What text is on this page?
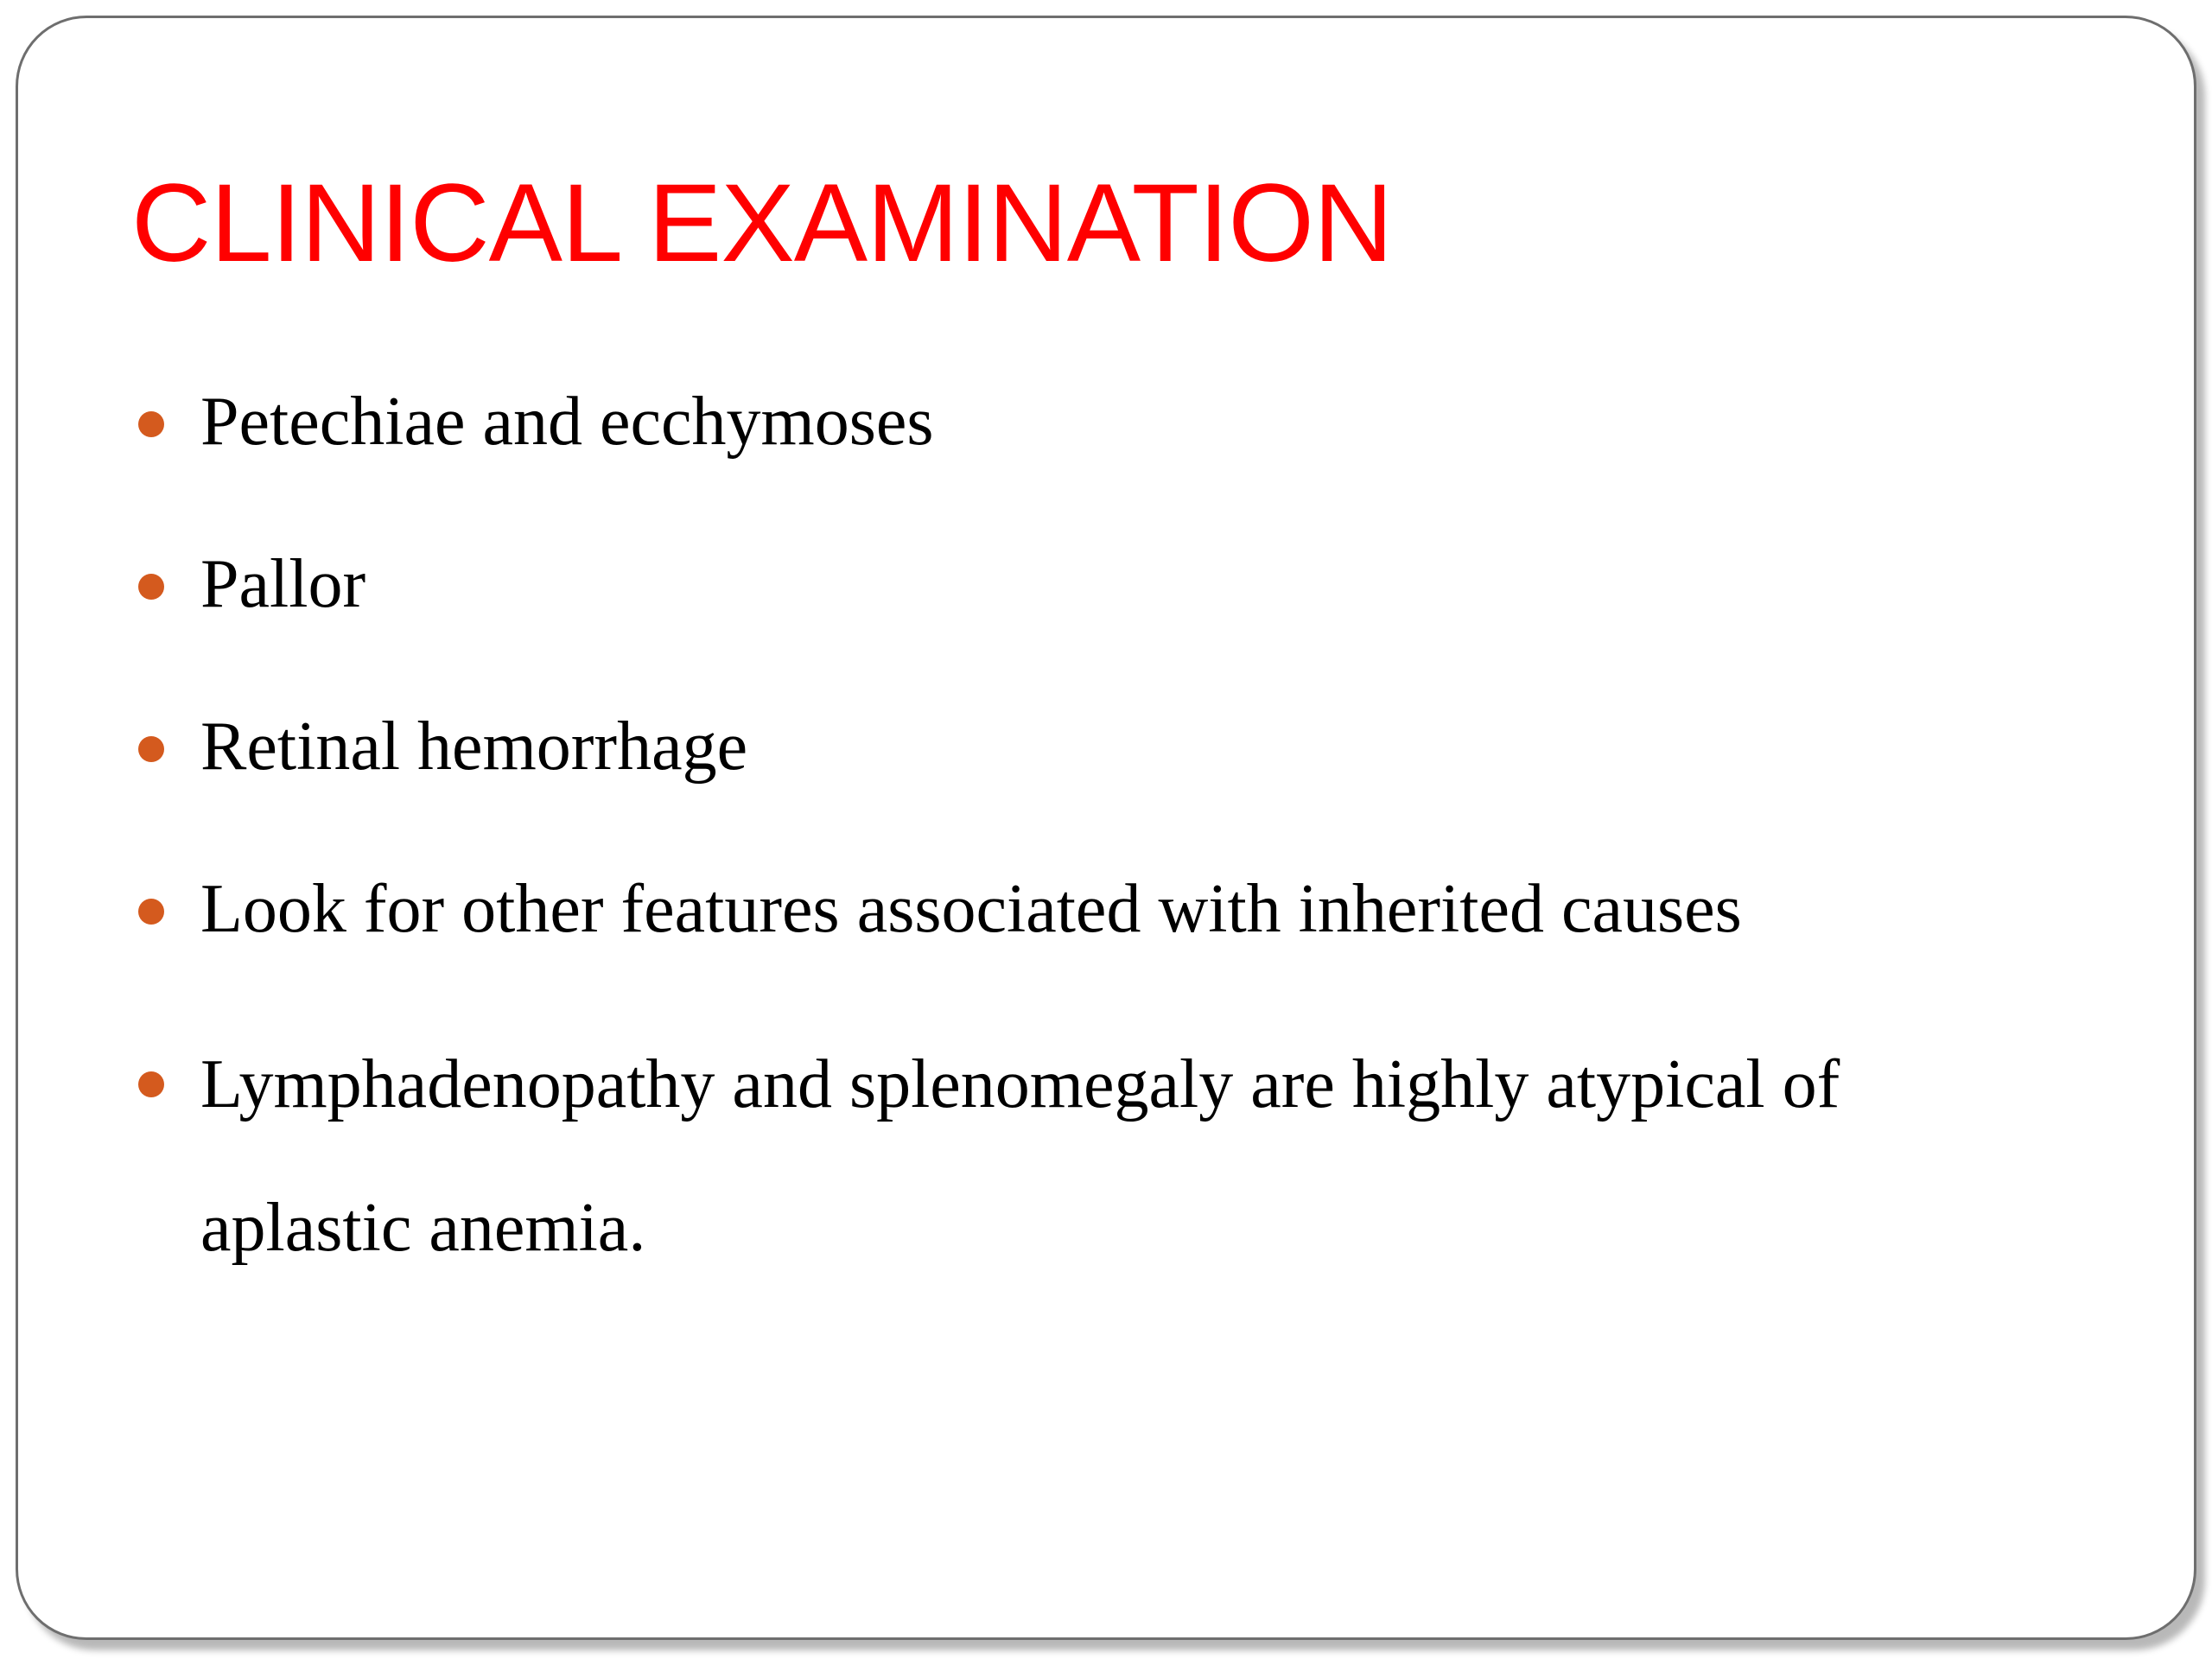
CLINICAL EXAMINATION
Petechiae and ecchymoses
Pallor
Retinal hemorrhage
Look for other features associated with inherited causes
Lymphadenopathy and splenomegaly are highly atypical of aplastic anemia.
